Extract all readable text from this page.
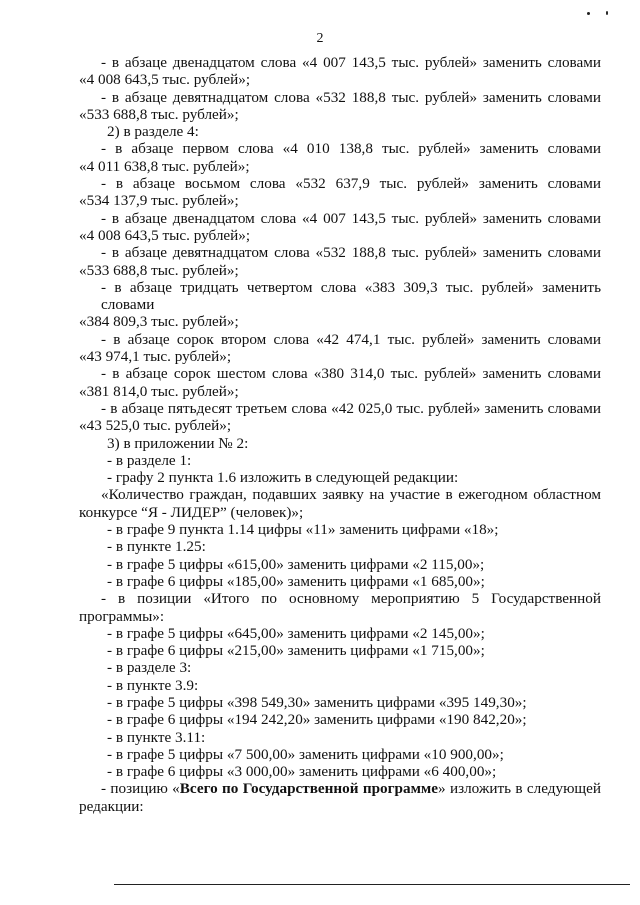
2
- в абзаце двенадцатом слова «4 007 143,5 тыс. рублей» заменить словами
«4 008 643,5 тыс. рублей»;
- в абзаце девятнадцатом слова «532 188,8 тыс. рублей» заменить словами
«533 688,8 тыс. рублей»;
2) в разделе 4:
- в абзаце первом слова «4 010 138,8 тыс. рублей» заменить словами
«4 011 638,8 тыс. рублей»;
- в абзаце восьмом слова «532 637,9 тыс. рублей» заменить словами
«534 137,9 тыс. рублей»;
- в абзаце двенадцатом слова «4 007 143,5 тыс. рублей» заменить словами
«4 008 643,5 тыс. рублей»;
- в абзаце девятнадцатом слова «532 188,8 тыс. рублей» заменить словами
«533 688,8 тыс. рублей»;
- в абзаце тридцать четвертом слова «383 309,3 тыс. рублей» заменить словами
«384 809,3 тыс. рублей»;
- в абзаце сорок втором слова «42 474,1 тыс. рублей» заменить словами
«43 974,1 тыс. рублей»;
- в абзаце сорок шестом слова «380 314,0 тыс. рублей» заменить словами
«381 814,0 тыс. рублей»;
- в абзаце пятьдесят третьем слова «42 025,0 тыс. рублей» заменить словами
«43 525,0 тыс. рублей»;
3) в приложении № 2:
- в разделе 1:
- графу 2 пункта 1.6 изложить в следующей редакции:
«Количество граждан, подавших заявку на участие в ежегодном областном
конкурсе “Я - ЛИДЕР” (человек)»;
- в графе 9 пункта 1.14 цифры «11» заменить цифрами «18»;
- в пункте 1.25:
- в графе 5 цифры «615,00» заменить цифрами «2 115,00»;
- в графе 6 цифры «185,00» заменить цифрами «1 685,00»;
- в позиции «Итого по основному мероприятию 5 Государственной
программы»:
- в графе 5 цифры «645,00» заменить цифрами «2 145,00»;
- в графе 6 цифры «215,00» заменить цифрами «1 715,00»;
- в разделе 3:
- в пункте 3.9:
- в графе 5 цифры «398 549,30» заменить цифрами «395 149,30»;
- в графе 6 цифры «194 242,20» заменить цифрами «190 842,20»;
- в пункте 3.11:
- в графе 5 цифры «7 500,00» заменить цифрами «10 900,00»;
- в графе 6 цифры «3 000,00» заменить цифрами «6 400,00»;
- позицию «Всего по Государственной программе» изложить в следующей
редакции:
